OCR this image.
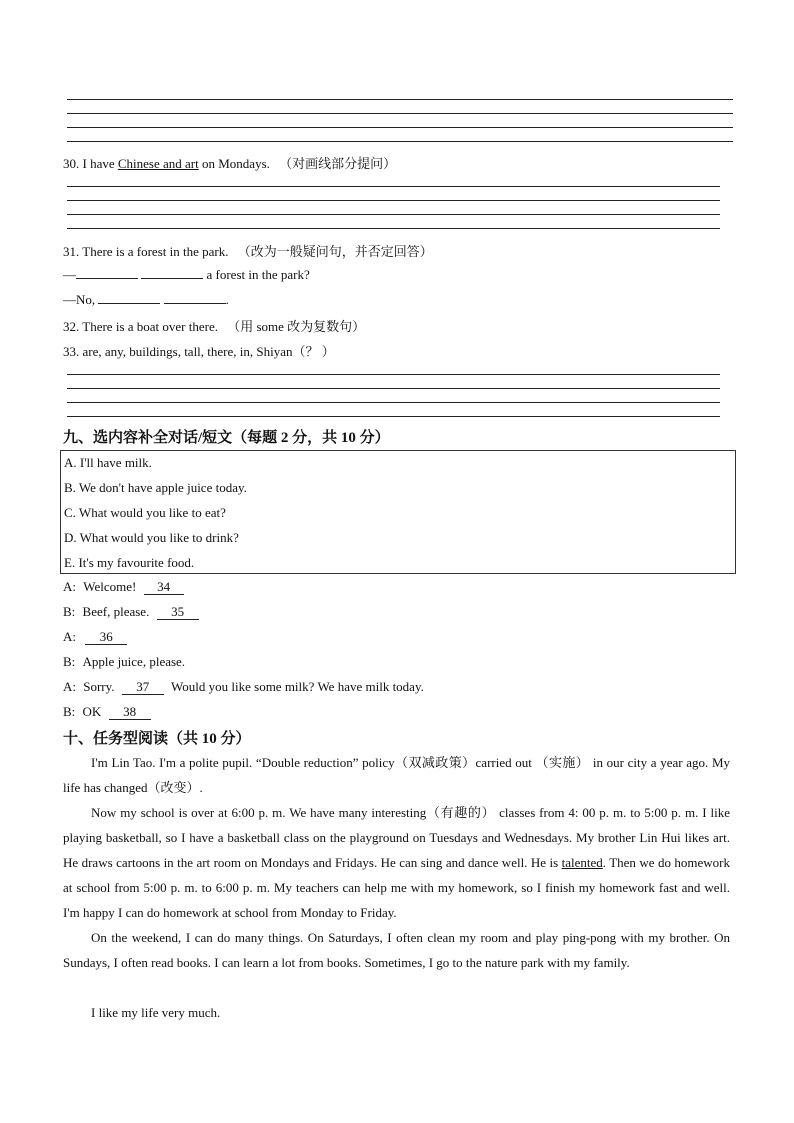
30. I have Chinese and art on Mondays. （对画线部分提问）
31. There is a forest in the park. （改为一般疑问句，并否定回答）
—	a forest in the park?
—No,	.
32. There is a boat over there. （用 some 改为复数句）
33. are, any, buildings, tall, there, in, Shiyan（？ ）
九、选内容补全对话/短文（每题 2 分，共 10 分）
A. I'll have milk.
B. We don't have apple juice today.
C. What would you like to eat?
D. What would you like to drink?
E. It's my favourite food.
A: Welcome! 34
B: Beef, please. 35
A: 36
B: Apple juice, please.
A: Sorry. 37 Would you like some milk? We have milk today.
B: OK 38
十、任务型阅读（共 10 分）

I'm Lin Tao. I'm a polite pupil. “Double reduction” policy（双减政策）carried out （实施） in our city a year ago. My life has changed（改变）.

Now my school is over at 6:00 p. m. We have many interesting（有趣的） classes from 4: 00 p. m. to 5:00 p. m. I like playing basketball, so I have a basketball class on the playground on Tuesdays and Wednesdays. My brother Lin Hui likes art. He draws cartoons in the art room on Mondays and Fridays. He can sing and dance well. He is talented. Then we do homework at school from 5:00 p. m. to 6:00 p. m. My teachers can help me with my homework, so I finish my homework fast and well. I'm happy I can do homework at school from Monday to Friday.

On the weekend, I can do many things. On Saturdays, I often clean my room and play ping-pong with my brother. On Sundays, I often read books. I can learn a lot from books. Sometimes, I go to the nature park with my family.

I like my life very much.
